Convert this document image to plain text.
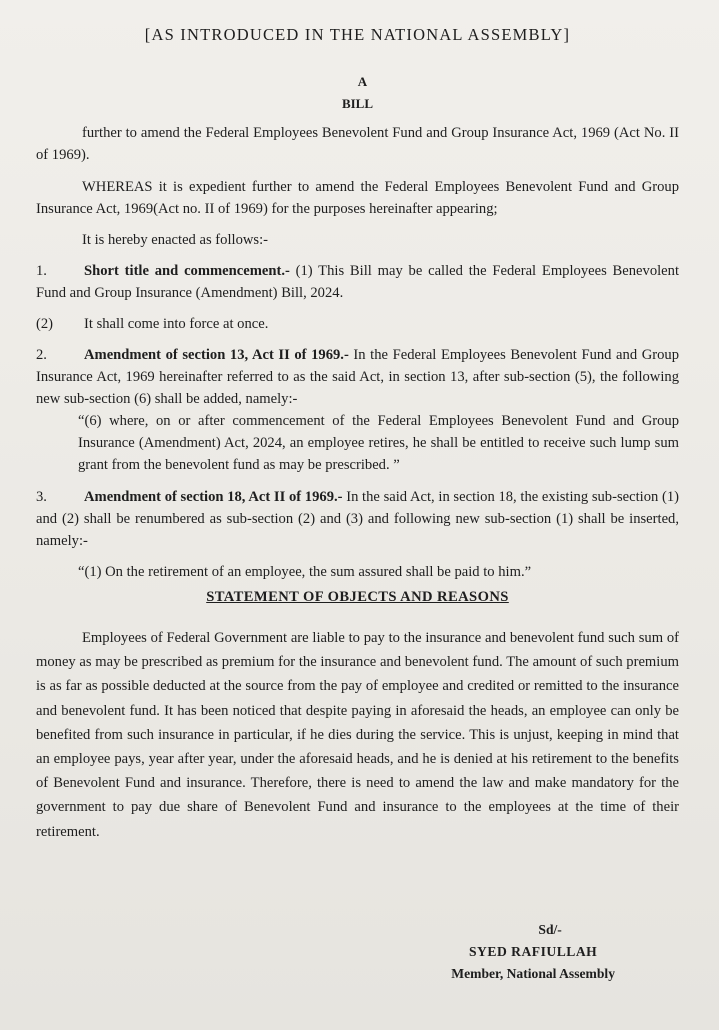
[AS INTRODUCED IN THE NATIONAL ASSEMBLY]

A

BILL

further to amend the Federal Employees Benevolent Fund and Group Insurance Act, 1969 (Act No. II of 1969).

WHEREAS it is expedient further to amend the Federal Employees Benevolent Fund and Group Insurance Act, 1969(Act no. II of 1969) for the purposes hereinafter appearing;

It is hereby enacted as follows:-

1.	Short title and commencement.- (1) This Bill may be called the Federal Employees Benevolent Fund and Group Insurance (Amendment) Bill, 2024.

(2) It shall come into force at once.

2.	Amendment of section 13, Act II of 1969.- In the Federal Employees Benevolent Fund and Group Insurance Act, 1969 hereinafter referred to as the said Act, in section 13, after sub-section (5), the following new sub-section (6) shall be added, namely:-

“(6) where, on or after commencement of the Federal Employees Benevolent Fund and Group Insurance (Amendment) Act, 2024, an employee retires, he shall be entitled to receive such lump sum grant from the benevolent fund as may be prescribed. ”

3.	Amendment of section 18, Act II of 1969.- In the said Act, in section 18, the existing sub-section (1) and (2) shall be renumbered as sub-section (2) and (3) and following new sub-section (1) shall be inserted, namely:-

“(1) On the retirement of an employee, the sum assured shall be paid to him.”

STATEMENT OF OBJECTS AND REASONS

Employees of Federal Government are liable to pay to the insurance and benevolent fund such sum of money as may be prescribed as premium for the insurance and benevolent fund. The amount of such premium is as far as possible deducted at the source from the pay of employee and credited or remitted to the insurance and benevolent fund. It has been noticed that despite paying in aforesaid the heads, an employee can only be benefited from such insurance in particular, if he dies during the service. This is unjust, keeping in mind that an employee pays, year after year, under the aforesaid heads, and he is denied at his retirement to the benefits of Benevolent Fund and insurance. Therefore, there is need to amend the law and make mandatory for the government to pay due share of Benevolent Fund and insurance to the employees at the time of their retirement.

Sd/-
SYED RAFIULLAH
Member, National Assembly
